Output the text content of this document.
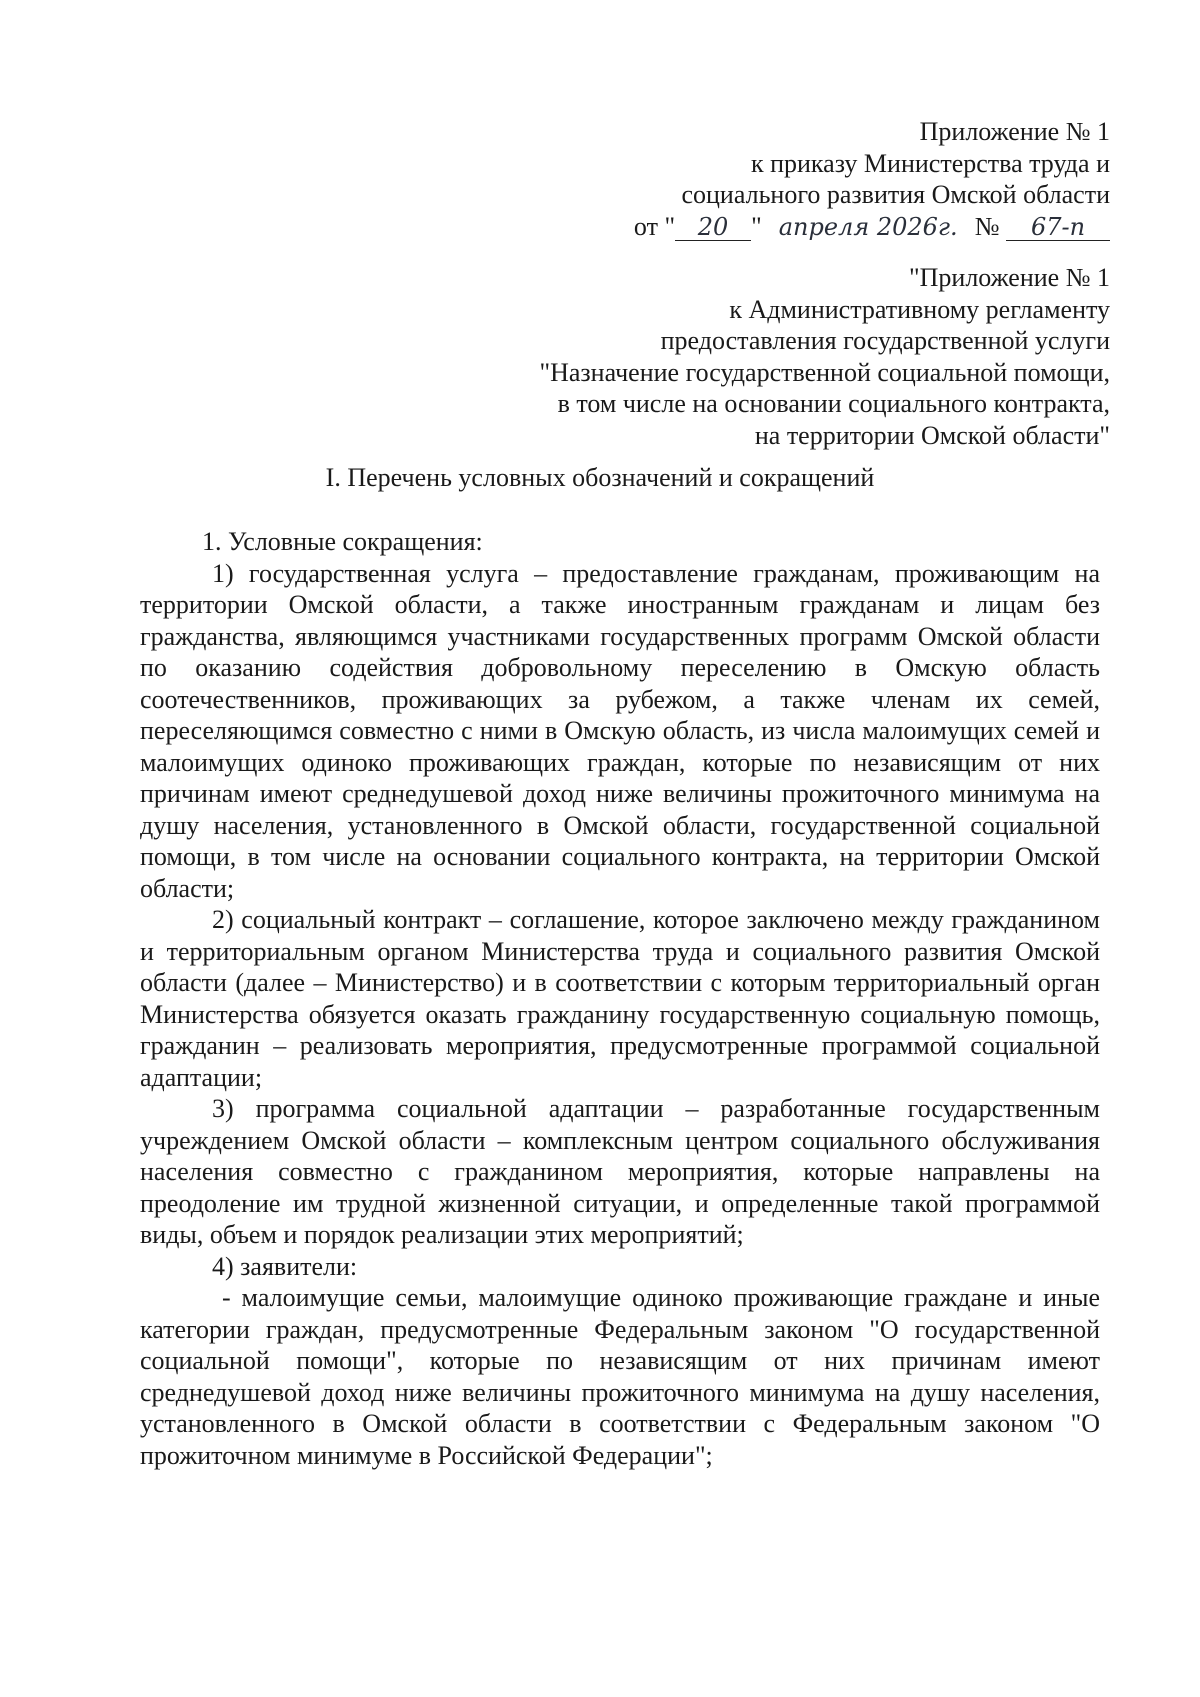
Приложение № 1
к приказу Министерства труда и
социального развития Омской области
от " 20 " апреля 2026г. № 67-п
"Приложение № 1
к Административному регламенту
предоставления государственной услуги
"Назначение государственной социальной помощи,
в том числе на основании социального контракта,
на территории Омской области"
I. Перечень условных обозначений и сокращений

1. Условные сокращения:

1) государственная услуга – предоставление гражданам, проживающим на территории Омской области, а также иностранным гражданам и лицам без гражданства, являющимся участниками государственных программ Омской области по оказанию содействия добровольному переселению в Омскую область соотечественников, проживающих за рубежом, а также членам их семей, переселяющимся совместно с ними в Омскую область, из числа малоимущих семей и малоимущих одиноко проживающих граждан, которые по независящим от них причинам имеют среднедушевой доход ниже величины прожиточного минимума на душу населения, установленного в Омской области, государственной социальной помощи, в том числе на основании социального контракта, на территории Омской области;

2) социальный контракт – соглашение, которое заключено между гражданином и территориальным органом Министерства труда и социального развития Омской области (далее – Министерство) и в соответствии с которым территориальный орган Министерства обязуется оказать гражданину государственную социальную помощь, гражданин – реализовать мероприятия, предусмотренные программой социальной адаптации;

3) программа социальной адаптации – разработанные государственным учреждением Омской области – комплексным центром социального обслуживания населения совместно с гражданином мероприятия, которые направлены на преодоление им трудной жизненной ситуации, и определенные такой программой виды, объем и порядок реализации этих мероприятий;

4) заявители:

- малоимущие семьи, малоимущие одиноко проживающие граждане и иные категории граждан, предусмотренные Федеральным законом "О государственной социальной помощи", которые по независящим от них причинам имеют среднедушевой доход ниже величины прожиточного минимума на душу населения, установленного в Омской области в соответствии с Федеральным законом "О прожиточном минимуме в Российской Федерации";
